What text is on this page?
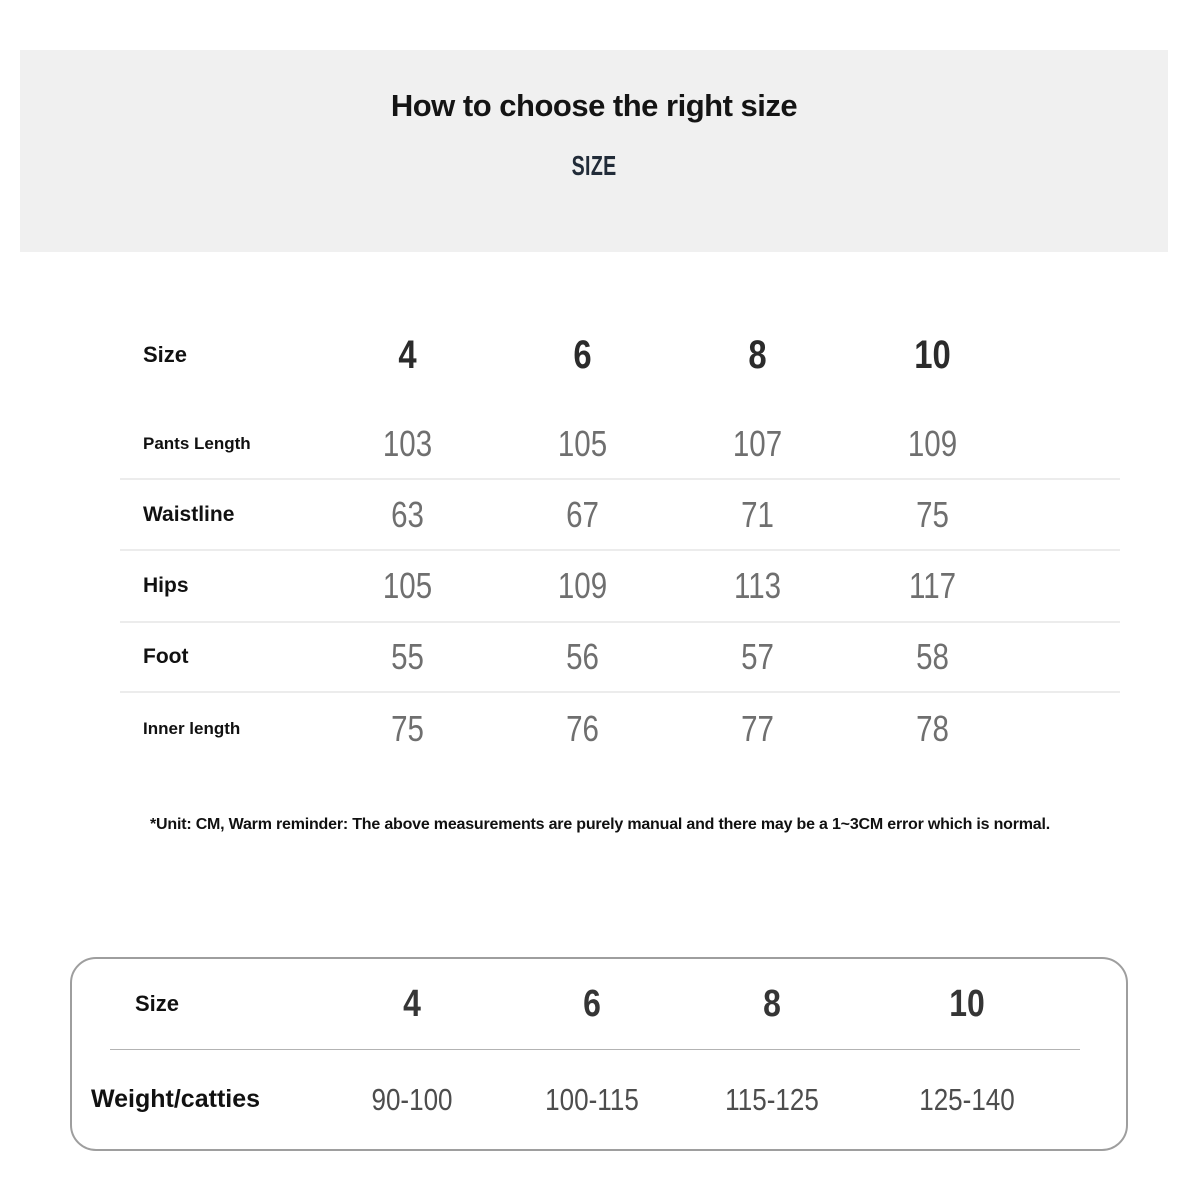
How to choose the right size
SIZE
Size	4	6	8	10
Pants Length	103	105	107	109
Waistline	63	67	71	75
Hips	105	109	113	117
Foot	55	56	57	58
Inner length	75	76	77	78

*Unit: CM, Warm reminder: The above measurements are purely manual and there may be a 1~3CM error which is normal.

Size	4	6	8	10
Weight/catties	90-100	100-115	115-125	125-140
